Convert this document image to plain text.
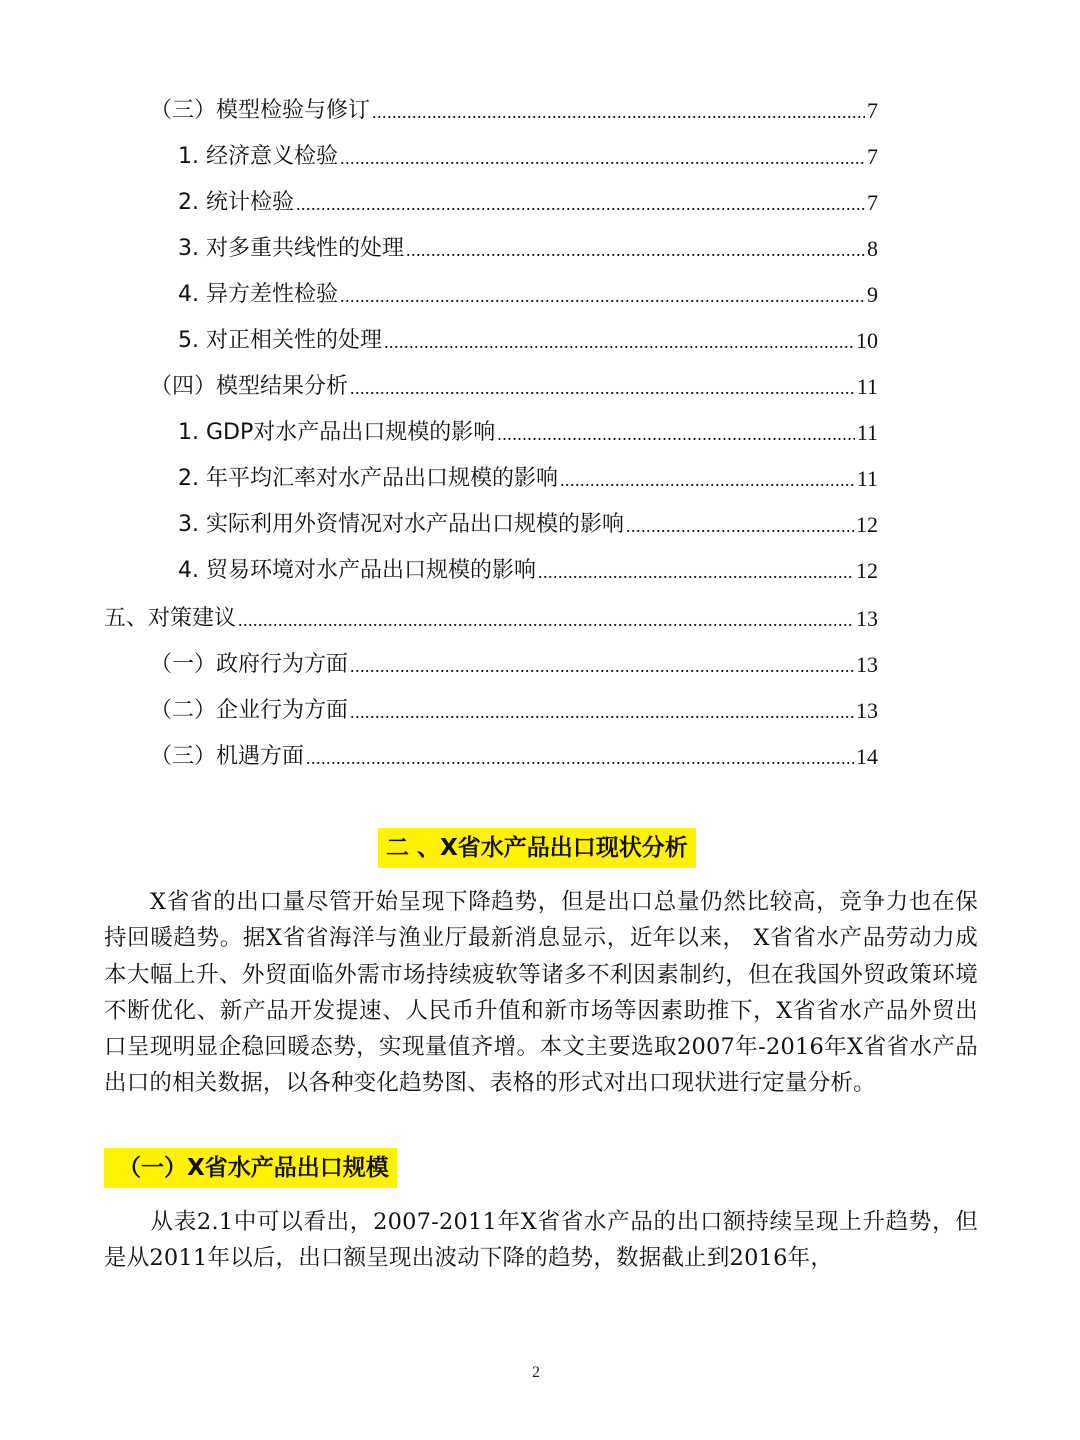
（三）模型检验与修订 .....	7
1. 经济意义检验 .....	7
2. 统计检验 .....	7
3. 对多重共线性的处理 .....	8
4. 异方差性检验 .....	9
5. 对正相关性的处理 .....	10
（四）模型结果分析 .....	11
1. GDP对水产品出口规模的影响 .....	11
2. 年平均汇率对水产品出口规模的影响 .....	11
3. 实际利用外资情况对水产品出口规模的影响 .....	12
4. 贸易环境对水产品出口规模的影响 .....	12
五、对策建议 .....	13
（一）政府行为方面 .....	13
（二）企业行为方面 .....	13
（三）机遇方面 .....	14
二 、X省水产品出口现状分析
X省省的出口量尽管开始呈现下降趋势，但是出口总量仍然比较高，竞争力也在保持回暖趋势。据X省省海洋与渔业厅最新消息显示，近年以来， X省省水产品劳动力成本大幅上升、外贸面临外需市场持续疲软等诸多不利因素制约，但在我国外贸政策环境不断优化、新产品开发提速、人民币升值和新市场等因素助推下，X省省水产品外贸出口呈现明显企稳回暖态势，实现量值齐增。本文主要选取2007年-2016年X省省水产品出口的相关数据，以各种变化趋势图、表格的形式对出口现状进行定量分析。
（一）X省水产品出口规模
从表2.1中可以看出，2007-2011年X省省水产品的出口额持续呈现上升趋势，但是从2011年以后，出口额呈现出波动下降的趋势，数据截止到2016年，
2
